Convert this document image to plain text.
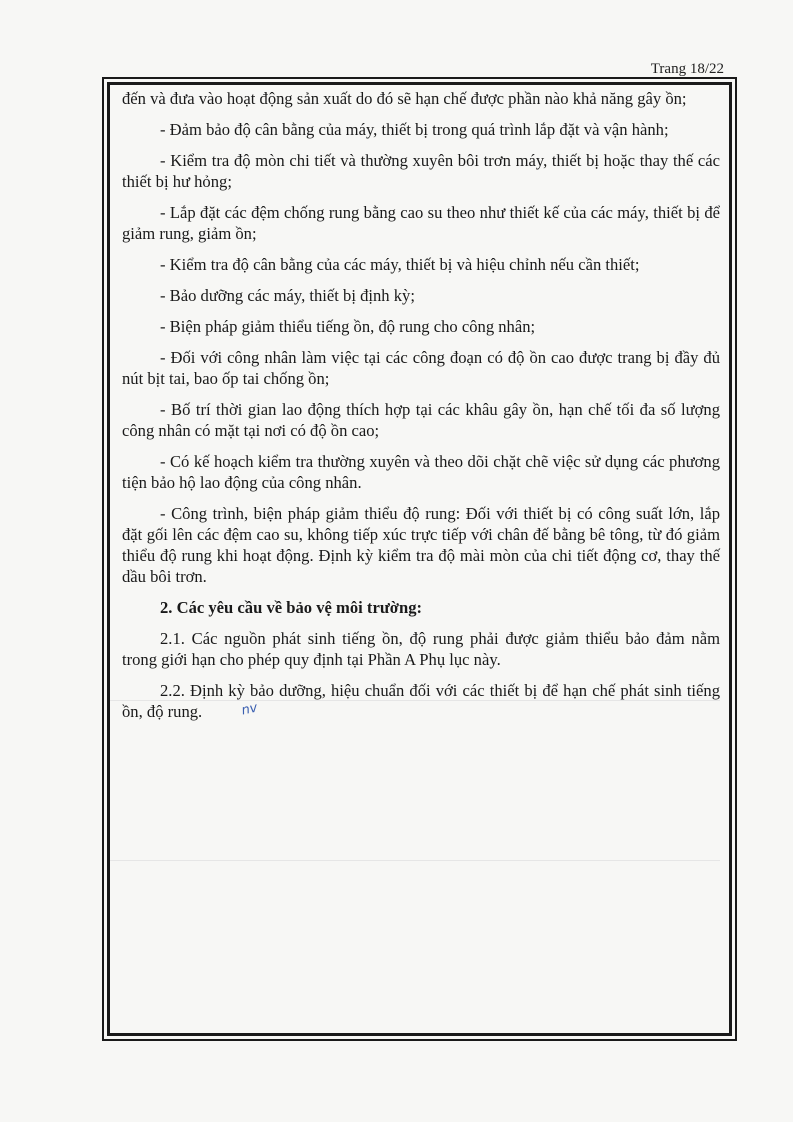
Trang 18/22

đến và đưa vào hoạt động sản xuất do đó sẽ hạn chế được phần nào khả năng gây ồn;

- Đảm bảo độ cân bằng của máy, thiết bị trong quá trình lắp đặt và vận hành;

- Kiểm tra độ mòn chi tiết và thường xuyên bôi trơn máy, thiết bị hoặc thay thế các thiết bị hư hỏng;

- Lắp đặt các đệm chống rung bằng cao su theo như thiết kế của các máy, thiết bị để giảm rung, giảm ồn;

- Kiểm tra độ cân bằng của các máy, thiết bị và hiệu chỉnh nếu cần thiết;

- Bảo dưỡng các máy, thiết bị định kỳ;

- Biện pháp giảm thiểu tiếng ồn, độ rung cho công nhân;

- Đối với công nhân làm việc tại các công đoạn có độ ồn cao được trang bị đầy đủ nút bịt tai, bao ốp tai chống ồn;

- Bố trí thời gian lao động thích hợp tại các khâu gây ồn, hạn chế tối đa số lượng công nhân có mặt tại nơi có độ ồn cao;

- Có kế hoạch kiểm tra thường xuyên và theo dõi chặt chẽ việc sử dụng các phương tiện bảo hộ lao động của công nhân.

- Công trình, biện pháp giảm thiểu độ rung: Đối với thiết bị có công suất lớn, lắp đặt gối lên các đệm cao su, không tiếp xúc trực tiếp với chân đế bằng bê tông, từ đó giảm thiểu độ rung khi hoạt động. Định kỳ kiểm tra độ mài mòn của chi tiết động cơ, thay thế dầu bôi trơn.

2. Các yêu cầu về bảo vệ môi trường:

2.1. Các nguồn phát sinh tiếng ồn, độ rung phải được giảm thiểu bảo đảm nằm trong giới hạn cho phép quy định tại Phần A Phụ lục này.

2.2. Định kỳ bảo dưỡng, hiệu chuẩn đối với các thiết bị để hạn chế phát sinh tiếng ồn, độ rung.	nv
